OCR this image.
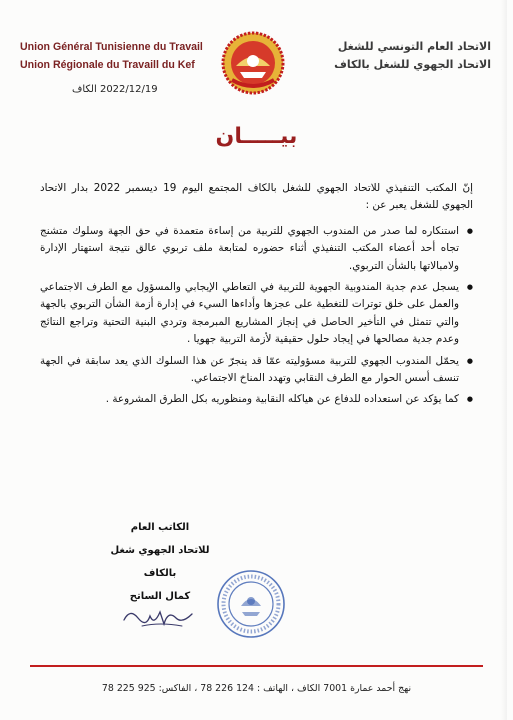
Union Général Tunisienne du Travail
Union Régionale du Travaill du Kef
الاتحاد العام التونسي للشغل
الاتحاد الجهوي للشغل بالكاف
الكاف 2022/12/19
بيـــــان

إنّ المكتب التنفيذي للاتحاد الجهوي للشغل بالكاف المجتمع اليوم 19 ديسمبر 2022 بدار الاتحاد الجهوي للشغل يعبر عن :

● استنكاره لما صدر من المندوب الجهوي للتربية من إساءة متعمدة في حق الجهة وسلوك متشنج تجاه أحد أعضاء المكتب التنفيذي أثناء حضوره لمتابعة ملف تربوي عالق نتيجة استهتار الإدارة ولامبالاتها بالشأن التربوي.
● يسجل عدم جدية المندوبية الجهوية للتربية في التعاطي الإيجابي والمسؤول مع الطرف الاجتماعي والعمل على خلق توترات للتغطية على عجزها وأداءها السيء في إدارة أزمة الشأن التربوي بالجهة والتي تتمثل في التأخير الحاصل في إنجاز المشاريع المبرمجة وتردي البنية التحتية وتراجع النتائج وعدم جدية مصالحها في إيجاد حلول حقيقية لأزمة التربية جهويا .
● يحمّل المندوب الجهوي للتربية مسؤوليته عمّا قد ينجرّ عن هذا السلوك الذي يعد سابقة في الجهة تنسف أسس الحوار مع الطرف النقابي وتهدد المناخ الاجتماعي.
● كما يؤكد عن استعداده للدفاع عن هياكله النقابية ومنظوريه بكل الطرق المشروعة .
الكاتب العام
للاتحاد الجهوي شغل بالكاف
كمال الساتح
نهج أحمد عمارة 7001 الكاف ، الهاتف : 124 226 78 ، الفاكس: 925 225 78
